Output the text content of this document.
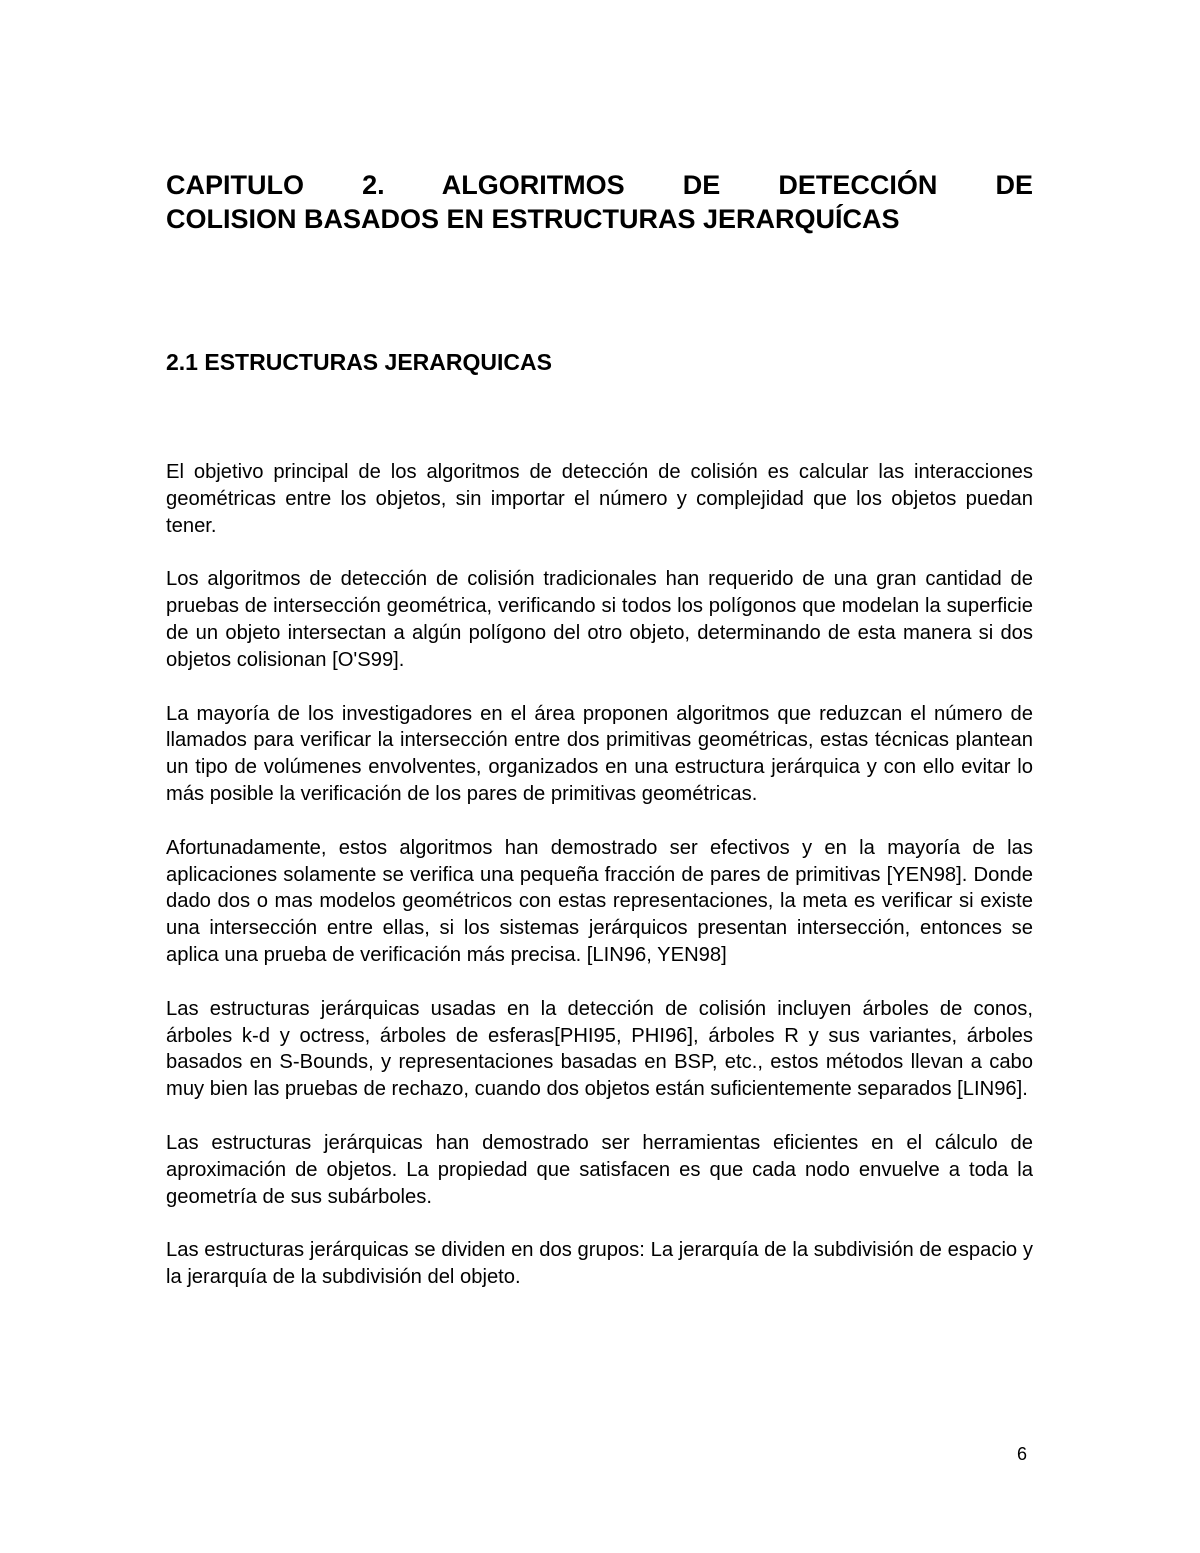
CAPITULO 2. ALGORITMOS DE DETECCIÓN DE
COLISION BASADOS EN ESTRUCTURAS JERARQUÍCAS
2.1 ESTRUCTURAS JERARQUICAS

El objetivo principal de los algoritmos de detección de colisión es calcular las interacciones geométricas entre los objetos, sin importar el número y complejidad que los objetos puedan tener.

Los algoritmos de detección de colisión tradicionales han requerido de una gran cantidad de pruebas de intersección geométrica, verificando si todos los polígonos que modelan la superficie de un objeto intersectan a algún polígono del otro objeto, determinando de esta manera si dos objetos colisionan [O'S99].

La mayoría de los investigadores en el área proponen algoritmos que reduzcan el número de llamados para verificar la intersección entre dos primitivas geométricas, estas técnicas plantean un tipo de volúmenes envolventes, organizados en una estructura jerárquica y con ello evitar lo más posible la verificación de los pares de primitivas geométricas.

Afortunadamente, estos algoritmos han demostrado ser efectivos y en la mayoría de las aplicaciones solamente se verifica una pequeña fracción de pares de primitivas [YEN98]. Donde dado dos o mas modelos geométricos con estas representaciones, la meta es verificar si existe una intersección entre ellas, si los sistemas jerárquicos presentan intersección, entonces se aplica una prueba de verificación más precisa. [LIN96, YEN98]

Las estructuras jerárquicas usadas en la detección de colisión incluyen árboles de conos, árboles k-d y octress, árboles de esferas[PHI95, PHI96], árboles R y sus variantes, árboles basados en S-Bounds, y representaciones basadas en BSP, etc., estos métodos llevan a cabo muy bien las pruebas de rechazo, cuando dos objetos están suficientemente separados [LIN96].

Las estructuras jerárquicas han demostrado ser herramientas eficientes en el cálculo de aproximación de objetos. La propiedad que satisfacen es que cada nodo envuelve a toda la geometría de sus subárboles.

Las estructuras jerárquicas se dividen en dos grupos: La jerarquía de la subdivisión de espacio y la jerarquía de la subdivisión del objeto.

6
